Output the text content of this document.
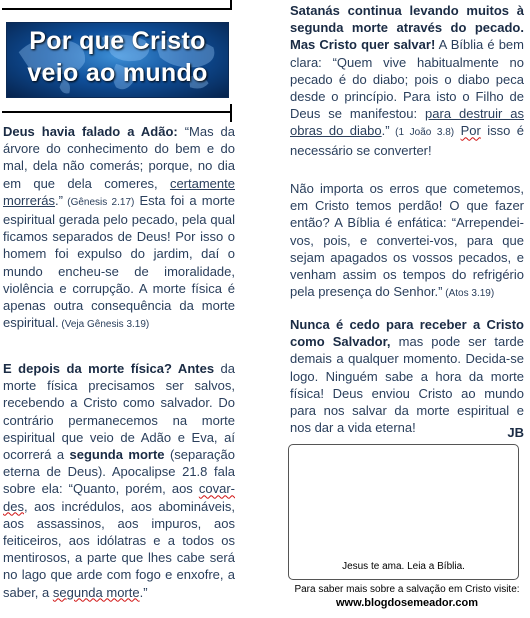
Por que Cristo
veio ao mundo
Deus havia falado a Adão: “Mas da árvore do conhecimento do bem e do mal, dela não comerás; porque, no dia em que dela comeres, certamente morrerás.” (Gênesis 2.17) Esta foi a morte espiritual gerada pelo pecado, pela qual ficamos separados de Deus! Por isso o homem foi expulso do jardim, daí o mundo encheu-se de imoralidade, violência e corrupção. A morte física é apenas outra consequência da morte espiritual. (Veja Gênesis 3.19)
E depois da morte física? Antes da morte física precisamos ser salvos, recebendo a Cristo como salvador. Do contrário permanecemos na morte espiritual que veio de Adão e Eva, aí ocorrerá a segunda morte (separação eterna de Deus). Apocalipse 21.8 fala sobre ela: “Quanto, porém, aos covar-des, aos incrédulos, aos abomináveis, aos assassinos, aos impuros, aos feiticeiros, aos idólatras e a todos os mentirosos, a parte que lhes cabe será no lago que arde com fogo e enxofre, a saber, a segunda morte.”
Satanás continua levando muitos à segunda morte através do pecado. Mas Cristo quer salvar! A Bíblia é bem clara: “Quem vive habitualmente no pecado é do diabo; pois o diabo peca desde o princípio. Para isto o Filho de Deus se manifestou: para destruir as obras do diabo.” (1 João 3.8) Por isso é necessário se converter!
Não importa os erros que cometemos, em Cristo temos perdão! O que fazer então? A Bíblia é enfática: “Arrependei-vos, pois, e convertei-vos, para que sejam apagados os vossos pecados, e venham assim os tempos do refrigério pela presença do Senhor.” (Atos 3.19)
Nunca é cedo para receber a Cristo como Salvador, mas pode ser tarde demais a qualquer momento. Decida-se logo. Ninguém sabe a hora da morte física! Deus enviou Cristo ao mundo para nos salvar da morte espiritual e nos dar a vida eterna!	JB
Jesus te ama. Leia a Bíblia.
Para saber mais sobre a salvação em Cristo visite:
www.blogdosemeador.com
